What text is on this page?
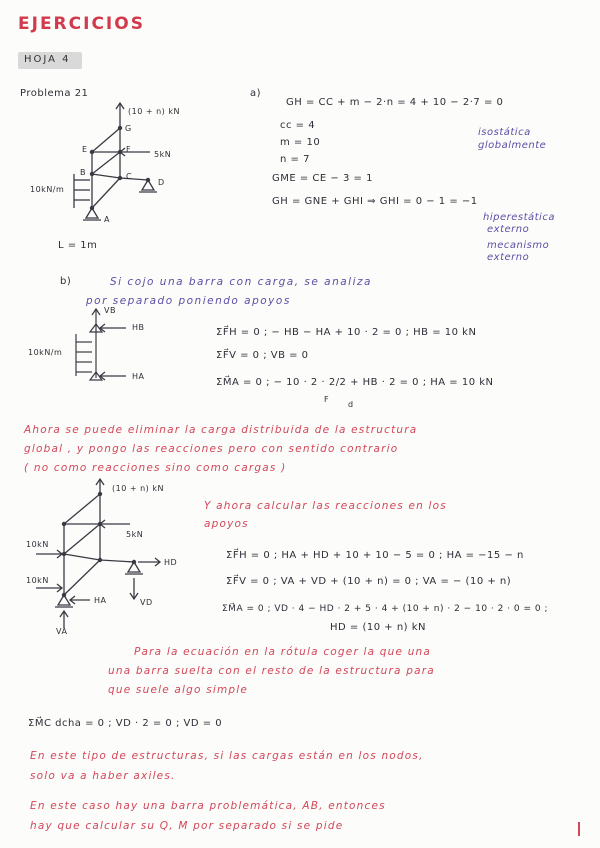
EJERCICIOS
HOJA 4
Problema 21
(10 + n) kN
5kN
10kN/m
G
E	F
C
D
B
A
L = 1m
a)
GH = CC + m − 2·n = 4 + 10 − 2·7 = 0
cc = 4
m = 10
n = 7
isostática
globalmente
GME = CE − 3 = 1
GH = GNE + GHI ⇒ GHI = 0 − 1 = −1
hiperestática
externo
mecanismo
externo
b)	Si cojo una barra con carga, se analiza
por separado poniendo apoyos
VB
HB
HA
10kN/m
ΣF⃗H = 0 ; − HB − HA + 10 · 2 = 0 ; HB = 10 kN
ΣF⃗V = 0 ; VB = 0
ΣM⃗A = 0 ; − 10 · 2 · 2/2 + HB · 2 = 0 ; HA = 10 kN
F
d
Ahora se puede eliminar la carga distribuida de la estructura
global , y pongo las reacciones pero con sentido contrario
( no como reacciones sino como cargas )
(10 + n) kN
5kN
10kN
10kN
HD
VD
VA
HA
Y ahora calcular las reacciones en los
apoyos
ΣF⃗H = 0 ; HA + HD + 10 + 10 − 5 = 0 ; HA = −15 − n
ΣF⃗V = 0 ; VA + VD + (10 + n) = 0 ; VA = − (10 + n)
ΣM⃗A = 0 ; VD · 4 − HD · 2 + 5 · 4 + (10 + n) · 2 − 10 · 2 · 0 = 0 ;
HD = (10 + n) kN
Para la ecuación en la rótula coger la que una
una barra suelta con el resto de la estructura para
que suele algo simple
ΣM⃗C dcha = 0 ; VD · 2 = 0 ; VD = 0
En este tipo de estructuras, si las cargas están en los nodos,
solo va a haber axiles.
En este caso hay una barra problemática, AB, entonces
hay que calcular su Q, M por separado si se pide
